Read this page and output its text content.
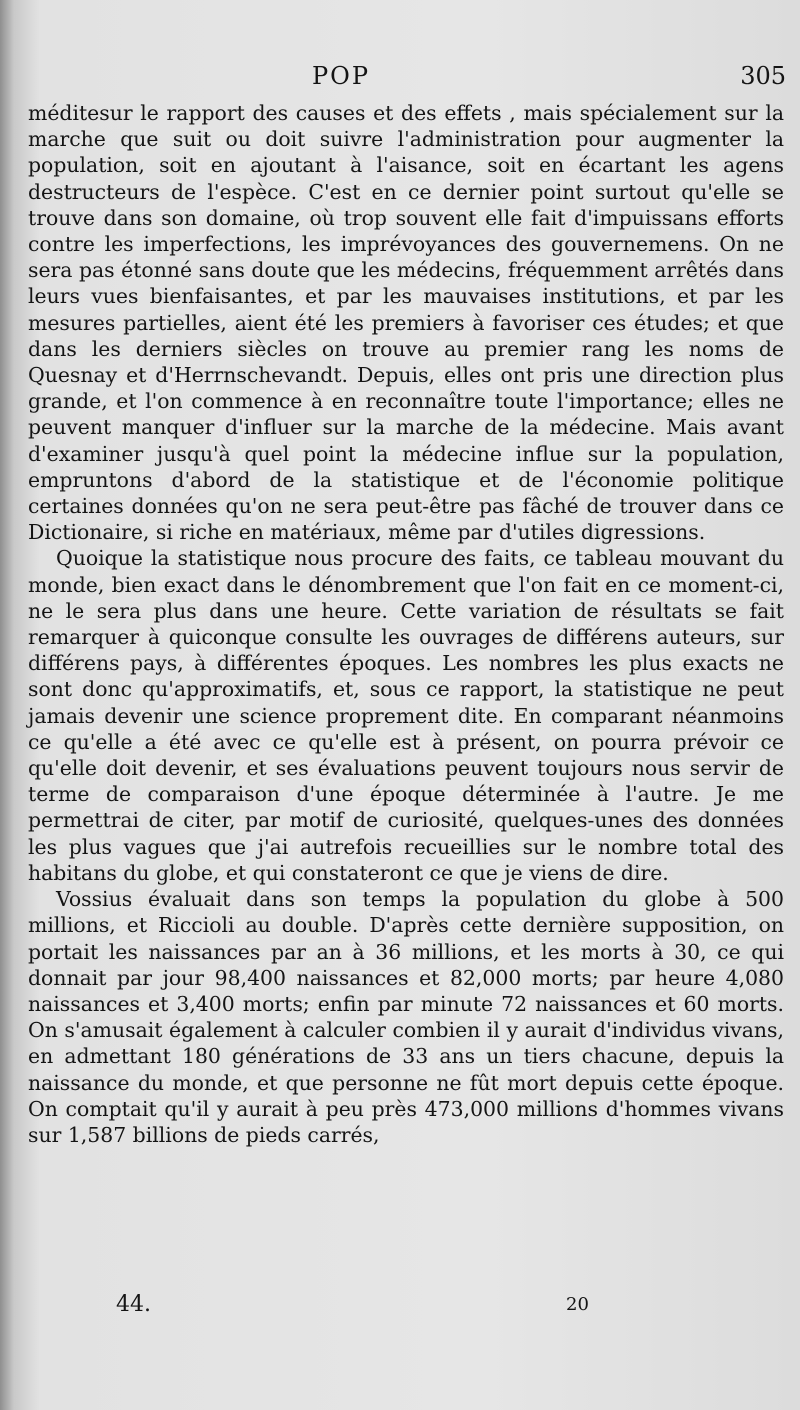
POP	305

méditesur le rapport des causes et des effets , mais spécialement sur la marche que suit ou doit suivre l'administration pour augmenter la population, soit en ajoutant à l'aisance, soit en écartant les agens destructeurs de l'espèce. C'est en ce dernier point surtout qu'elle se trouve dans son domaine, où trop souvent elle fait d'impuissans efforts contre les imperfections, les imprévoyances des gouvernemens. On ne sera pas étonné sans doute que les médecins, fréquemment arrêtés dans leurs vues bienfaisantes, et par les mauvaises institutions, et par les mesures partielles, aient été les premiers à favoriser ces études; et que dans les derniers siècles on trouve au premier rang les noms de Quesnay et d'Herrnschevandt. Depuis, elles ont pris une direction plus grande, et l'on commence à en reconnaître toute l'importance; elles ne peuvent manquer d'influer sur la marche de la médecine. Mais avant d'examiner jusqu'à quel point la médecine influe sur la population, empruntons d'abord de la statistique et de l'économie politique certaines données qu'on ne sera peut-être pas fâché de trouver dans ce Dictionaire, si riche en matériaux, même par d'utiles digressions.

Quoique la statistique nous procure des faits, ce tableau mouvant du monde, bien exact dans le dénombrement que l'on fait en ce moment-ci, ne le sera plus dans une heure. Cette variation de résultats se fait remarquer à quiconque consulte les ouvrages de différens auteurs, sur différens pays, à différentes époques. Les nombres les plus exacts ne sont donc qu'approximatifs, et, sous ce rapport, la statistique ne peut jamais devenir une science proprement dite. En comparant néanmoins ce qu'elle a été avec ce qu'elle est à présent, on pourra prévoir ce qu'elle doit devenir, et ses évaluations peuvent toujours nous servir de terme de comparaison d'une époque déterminée à l'autre. Je me permettrai de citer, par motif de curiosité, quelques-unes des données les plus vagues que j'ai autrefois recueillies sur le nombre total des habitans du globe, et qui constateront ce que je viens de dire.

Vossius évaluait dans son temps la population du globe à 500 millions, et Riccioli au double. D'après cette dernière supposition, on portait les naissances par an à 36 millions, et les morts à 30, ce qui donnait par jour 98,400 naissances et 82,000 morts; par heure 4,080 naissances et 3,400 morts; enfin par minute 72 naissances et 60 morts. On s'amusait également à calculer combien il y aurait d'individus vivans, en admettant 180 générations de 33 ans un tiers chacune, depuis la naissance du monde, et que personne ne fût mort depuis cette époque. On comptait qu'il y aurait à peu près 473,000 millions d'hommes vivans sur 1,587 billions de pieds carrés,

44.	20
